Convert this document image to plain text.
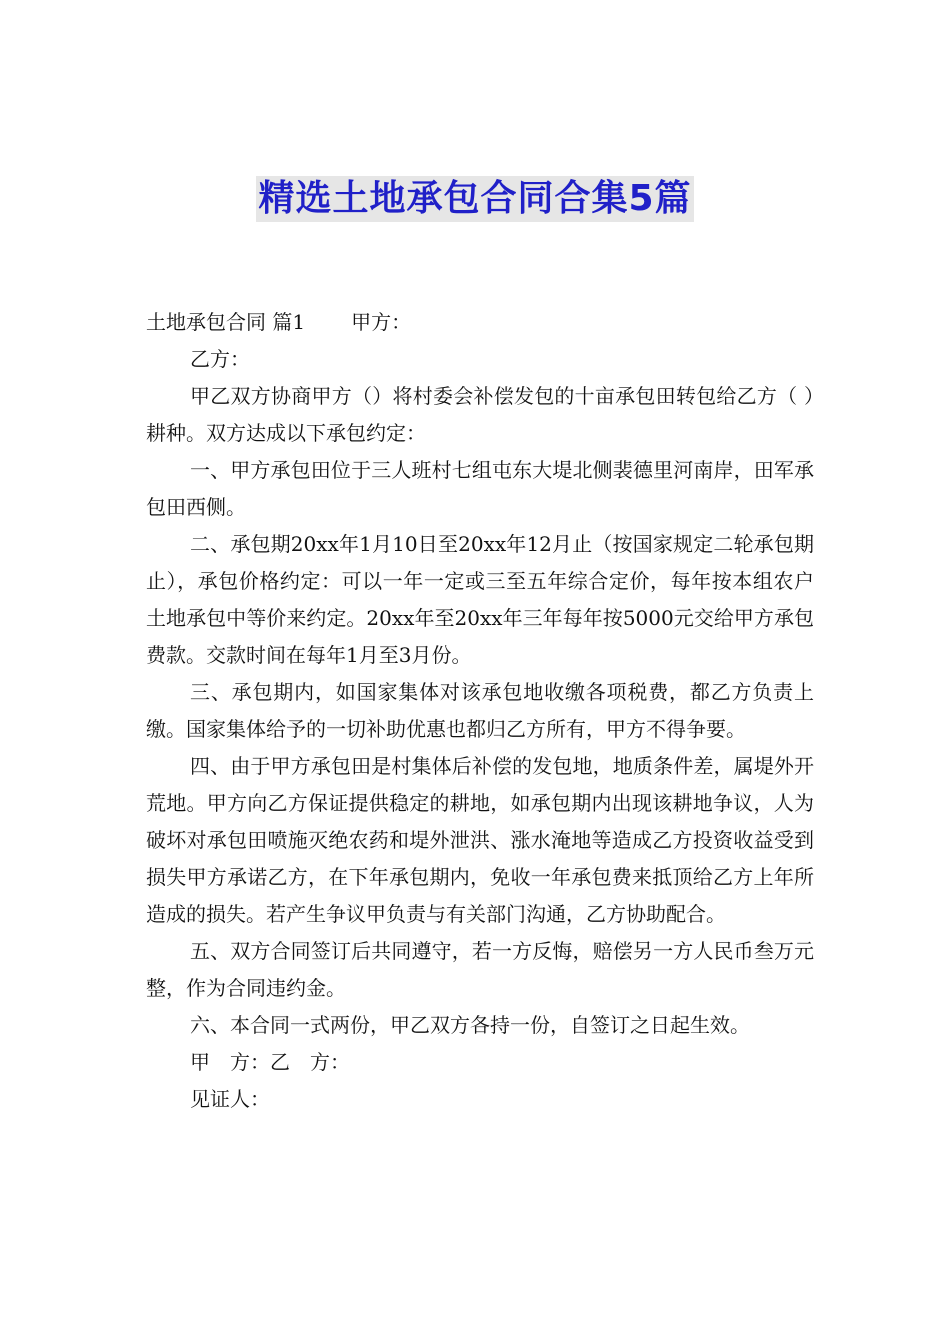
精选土地承包合同合集5篇

土地承包合同 篇1 甲方：

乙方：

甲乙双方协商甲方（）将村委会补偿发包的十亩承包田转包给乙方（ ）耕种。双方达成以下承包约定：

一、甲方承包田位于三人班村七组屯东大堤北侧裴德里河南岸，田军承包田西侧。

二、承包期20xx年1月10日至20xx年12月止（按国家规定二轮承包期止），承包价格约定：可以一年一定或三至五年综合定价，每年按本组农户土地承包中等价来约定。20xx年至20xx年三年每年按5000元交给甲方承包费款。交款时间在每年1月至3月份。

三、承包期内，如国家集体对该承包地收缴各项税费，都乙方负责上缴。国家集体给予的一切补助优惠也都归乙方所有，甲方不得争要。

四、由于甲方承包田是村集体后补偿的发包地，地质条件差，属堤外开荒地。甲方向乙方保证提供稳定的耕地，如承包期内出现该耕地争议，人为破坏对承包田喷施灭绝农药和堤外泄洪、涨水淹地等造成乙方投资收益受到损失甲方承诺乙方，在下年承包期内，免收一年承包费来抵顶给乙方上年所造成的损失。若产生争议甲负责与有关部门沟通，乙方协助配合。

五、双方合同签订后共同遵守，若一方反悔，赔偿另一方人民币叁万元整，作为合同违约金。

六、本合同一式两份，甲乙双方各持一份，自签订之日起生效。

甲　方：乙　方：

见证人：
